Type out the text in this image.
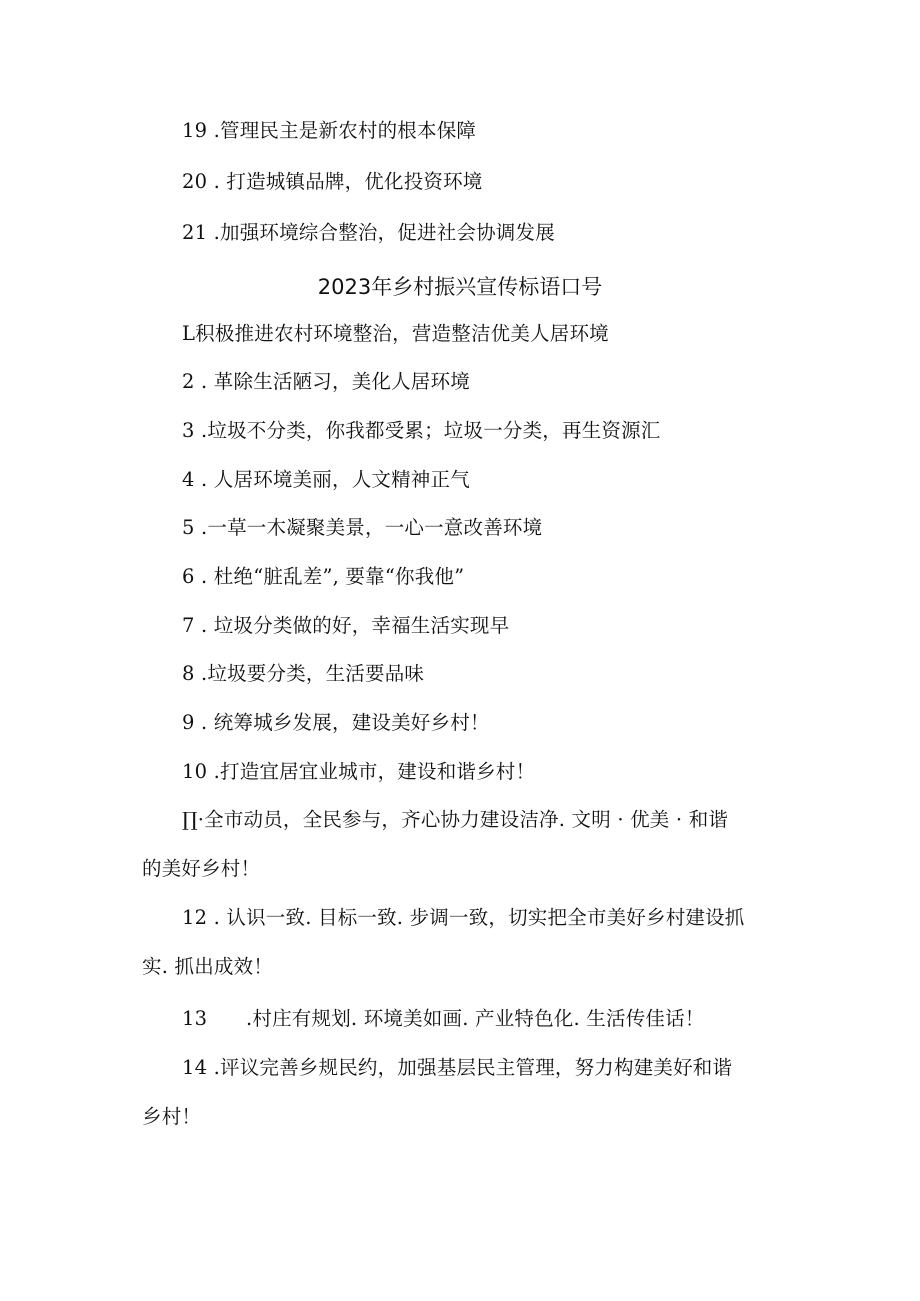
19 .管理民主是新农村的根本保障
20 . 打造城镇品牌，优化投资环境
21 .加强环境综合整治，促进社会协调发展
2023年乡村振兴宣传标语口号
L积极推进农村环境整治，营造整洁优美人居环境
2 . 革除生活陋习，美化人居环境
3 .垃圾不分类，你我都受累；垃圾一分类，再生资源汇
4 . 人居环境美丽，人文精神正气
5 .一草一木凝聚美景，一心一意改善环境
6 . 杜绝“脏乱差”, 要靠“你我他”
7 . 垃圾分类做的好，幸福生活实现早
8 .垃圾要分类，生活要品味
9 . 统筹城乡发展，建设美好乡村！
10 .打造宜居宜业城市，建设和谐乡村！
∏·全市动员，全民参与，齐心协力建设洁净. 文明 · 优美 · 和谐
的美好乡村！
12 . 认识一致. 目标一致. 步调一致，切实把全市美好乡村建设抓
实. 抓出成效！
13 .村庄有规划. 环境美如画. 产业特色化. 生活传佳话！
14 .评议完善乡规民约，加强基层民主管理，努力构建美好和谐
乡村！
